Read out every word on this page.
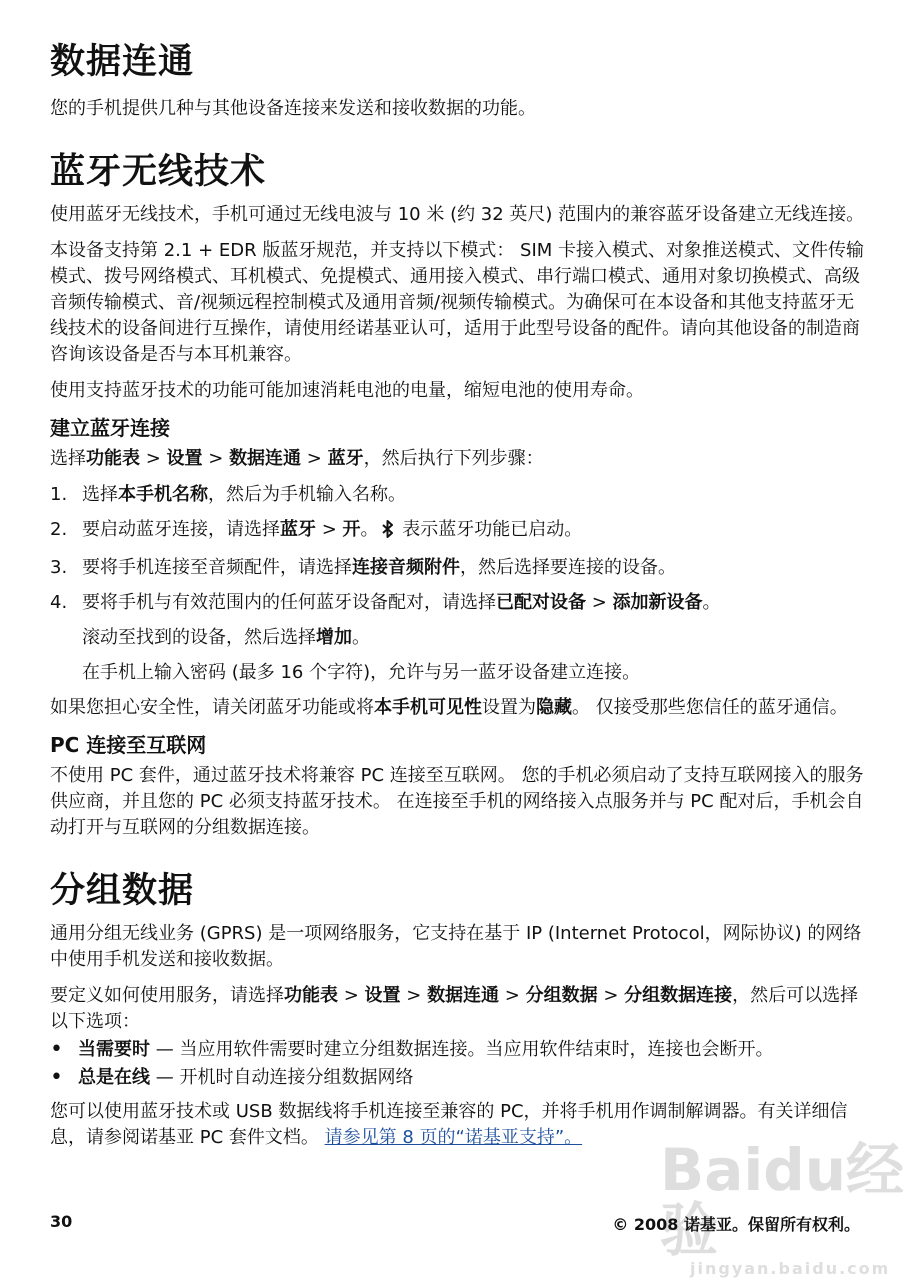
数据连通

您的手机提供几种与其他设备连接来发送和接收数据的功能。

蓝牙无线技术

使用蓝牙无线技术，手机可通过无线电波与 10 米 (约 32 英尺) 范围内的兼容蓝牙设备建立无线连接。

本设备支持第 2.1 + EDR 版蓝牙规范，并支持以下模式： SIM 卡接入模式、对象推送模式、文件传输模式、拨号网络模式、耳机模式、免提模式、通用接入模式、串行端口模式、通用对象切换模式、高级音频传输模式、音/视频远程控制模式及通用音频/视频传输模式。为确保可在本设备和其他支持蓝牙无线技术的设备间进行互操作，请使用经诺基亚认可，适用于此型号设备的配件。请向其他设备的制造商咨询该设备是否与本耳机兼容。

使用支持蓝牙技术的功能可能加速消耗电池的电量，缩短电池的使用寿命。

建立蓝牙连接

选择功能表 > 设置 > 数据连通 > 蓝牙，然后执行下列步骤：

1. 选择本手机名称，然后为手机输入名称。
2. 要启动蓝牙连接，请选择蓝牙 > 开。 表示蓝牙功能已启动。
3. 要将手机连接至音频配件，请选择连接音频附件，然后选择要连接的设备。
4. 要将手机与有效范围内的任何蓝牙设备配对，请选择已配对设备 > 添加新设备。
滚动至找到的设备，然后选择增加。
在手机上输入密码 (最多 16 个字符)，允许与另一蓝牙设备建立连接。

如果您担心安全性，请关闭蓝牙功能或将本手机可见性设置为隐藏。 仅接受那些您信任的蓝牙通信。

PC 连接至互联网

不使用 PC 套件，通过蓝牙技术将兼容 PC 连接至互联网。 您的手机必须启动了支持互联网接入的服务供应商，并且您的 PC 必须支持蓝牙技术。 在连接至手机的网络接入点服务并与 PC 配对后，手机会自动打开与互联网的分组数据连接。

分组数据

通用分组无线业务 (GPRS) 是一项网络服务，它支持在基于 IP (Internet Protocol，网际协议) 的网络中使用手机发送和接收数据。

要定义如何使用服务，请选择功能表 > 设置 > 数据连通 > 分组数据 > 分组数据连接，然后可以选择以下选项：

• 当需要时 — 当应用软件需要时建立分组数据连接。当应用软件结束时，连接也会断开。
• 总是在线 — 开机时自动连接分组数据网络

您可以使用蓝牙技术或 USB 数据线将手机连接至兼容的 PC，并将手机用作调制解调器。有关详细信息，请参阅诺基亚 PC 套件文档。 请参见第 8 页的“诺基亚支持”。	Baidu经验
jingyan.baidu.com
30	© 2008 诺基亚。保留所有权利。
